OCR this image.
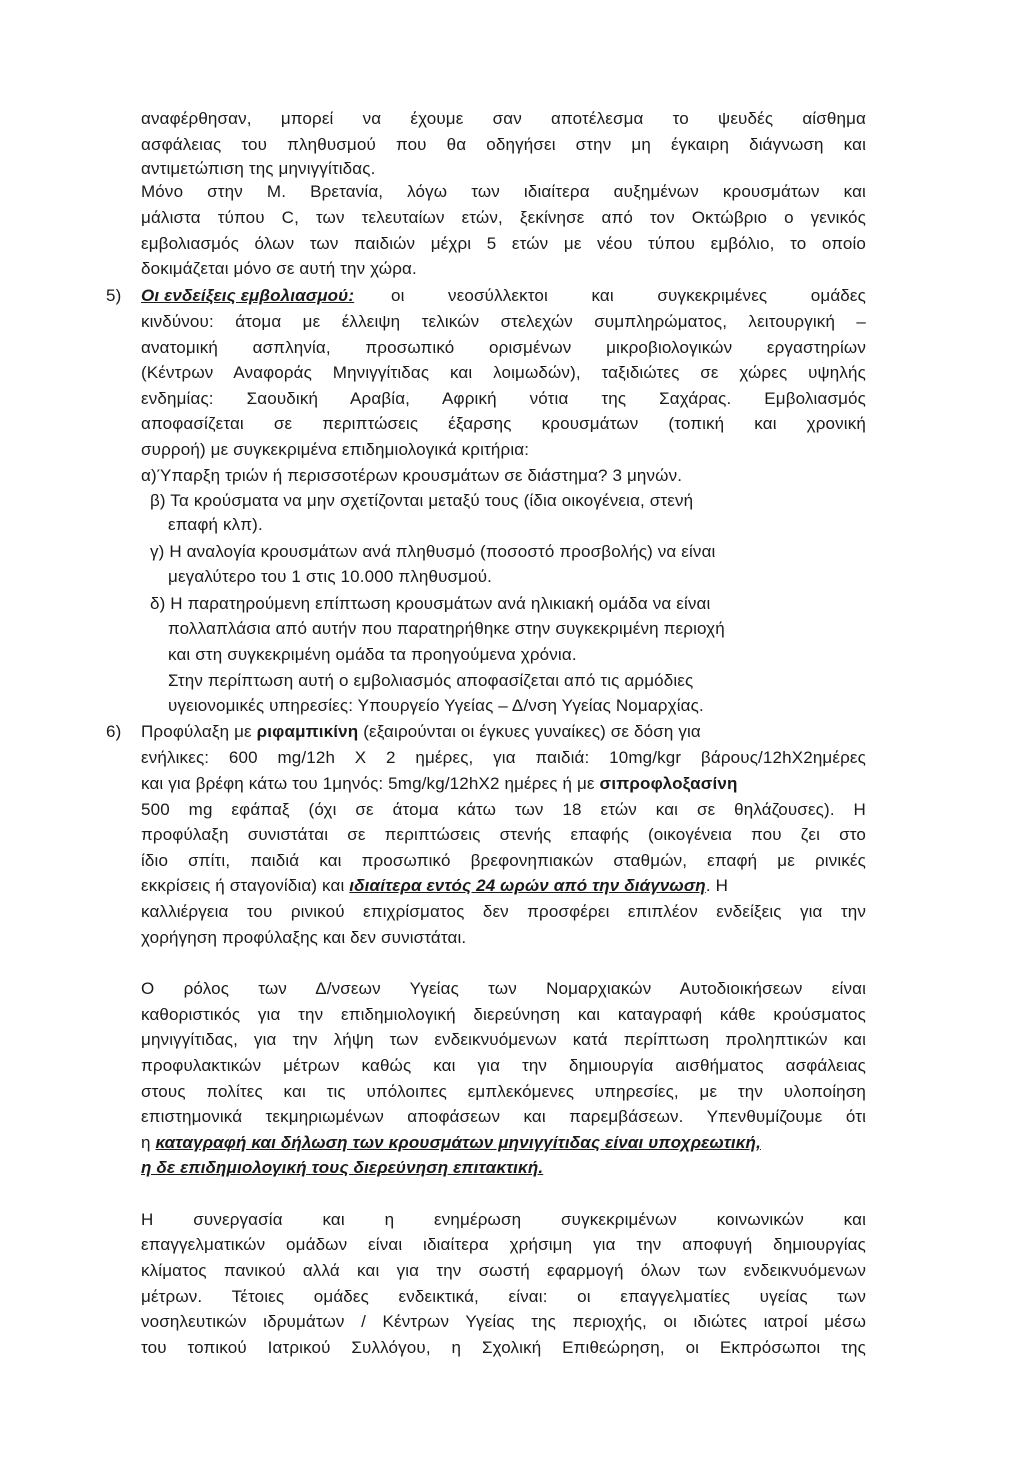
αναφέρθησαν, μπορεί να έχουμε σαν αποτέλεσμα το ψευδές αίσθημα
ασφάλειας του πληθυσμού που θα οδηγήσει στην μη έγκαιρη διάγνωση και
αντιμετώπιση της μηνιγγίτιδας.
Μόνο στην Μ. Βρετανία, λόγω των ιδιαίτερα αυξημένων κρουσμάτων και
μάλιστα τύπου C, των τελευταίων ετών, ξεκίνησε από τον Οκτώβριο ο γενικός
εμβολιασμός όλων των παιδιών μέχρι 5 ετών με νέου τύπου εμβόλιο, το οποίο
δοκιμάζεται μόνο σε αυτή την χώρα.
5) Οι ενδείξεις εμβολιασμού: οι νεοσύλλεκτοι και συγκεκριμένες ομάδες
κινδύνου: άτομα με έλλειψη τελικών στελεχών συμπληρώματος, λειτουργική –
ανατομική ασπληνία, προσωπικό ορισμένων μικροβιολογικών εργαστηρίων
(Κέντρων Αναφοράς Μηνιγγίτιδας και λοιμωδών), ταξιδιώτες σε χώρες υψηλής
ενδημίας: Σαουδική Αραβία, Αφρική νότια της Σαχάρας. Εμβολιασμός
αποφασίζεται σε περιπτώσεις έξαρσης κρουσμάτων (τοπική και χρονική
συρροή) με συγκεκριμένα επιδημιολογικά κριτήρια:
α)Ύπαρξη τριών ή περισσοτέρων κρουσμάτων σε διάστημα? 3 μηνών.
β) Τα κρούσματα να μην σχετίζονται μεταξύ τους (ίδια οικογένεια, στενή
επαφή κλπ).
γ) Η αναλογία κρουσμάτων ανά πληθυσμό (ποσοστό προσβολής) να είναι
μεγαλύτερο του 1 στις 10.000 πληθυσμού.
δ) Η παρατηρούμενη επίπτωση κρουσμάτων ανά ηλικιακή ομάδα να είναι
πολλαπλάσια από αυτήν που παρατηρήθηκε στην συγκεκριμένη περιοχή
και στη συγκεκριμένη ομάδα τα προηγούμενα χρόνια.
Στην περίπτωση αυτή ο εμβολιασμός αποφασίζεται από τις αρμόδιες
υγειονομικές υπηρεσίες: Υπουργείο Υγείας – Δ/νση Υγείας Νομαρχίας.
6) Προφύλαξη με ριφαμπικίνη (εξαιρούνται οι έγκυες γυναίκες) σε δόση για
ενήλικες: 600 mg/12h X 2 ημέρες, για παιδιά: 10mg/kgr βάρους/12hX2ημέρες
και για βρέφη κάτω του 1μηνός: 5mg/kg/12hX2 ημέρες ή με σιπροφλοξασίνη
500 mg εφάπαξ (όχι σε άτομα κάτω των 18 ετών και σε θηλάζουσες). Η
προφύλαξη συνιστάται σε περιπτώσεις στενής επαφής (οικογένεια που ζει στο
ίδιο σπίτι, παιδιά και προσωπικό βρεφονηπιακών σταθμών, επαφή με ρινικές
εκκρίσεις ή σταγονίδια) και ιδιαίτερα εντός 24 ωρών από την διάγνωση. Η
καλλιέργεια του ρινικού επιχρίσματος δεν προσφέρει επιπλέον ενδείξεις για την
χορήγηση προφύλαξης και δεν συνιστάται.
Ο ρόλος των Δ/νσεων Υγείας των Νομαρχιακών Αυτοδιοικήσεων είναι
καθοριστικός για την επιδημιολογική διερεύνηση και καταγραφή κάθε κρούσματος
μηνιγγίτιδας, για την λήψη των ενδεικνυόμενων κατά περίπτωση προληπτικών και
προφυλακτικών μέτρων καθώς και για την δημιουργία αισθήματος ασφάλειας
στους πολίτες και τις υπόλοιπες εμπλεκόμενες υπηρεσίες, με την υλοποίηση
επιστημονικά τεκμηριωμένων αποφάσεων και παρεμβάσεων. Υπενθυμίζουμε ότι
η καταγραφή και δήλωση των κρουσμάτων μηνιγγίτιδας είναι υποχρεωτική,
η δε επιδημιολογική τους διερεύνηση επιτακτική.
Η συνεργασία και η ενημέρωση συγκεκριμένων κοινωνικών και
επαγγελματικών ομάδων είναι ιδιαίτερα χρήσιμη για την αποφυγή δημιουργίας
κλίματος πανικού αλλά και για την σωστή εφαρμογή όλων των ενδεικνυόμενων
μέτρων. Τέτοιες ομάδες ενδεικτικά, είναι: οι επαγγελματίες υγείας των
νοσηλευτικών ιδρυμάτων / Κέντρων Υγείας της περιοχής, οι ιδιώτες ιατροί μέσω
του τοπικού Ιατρικού Συλλόγου, η Σχολική Επιθεώρηση, οι Εκπρόσωποι της
